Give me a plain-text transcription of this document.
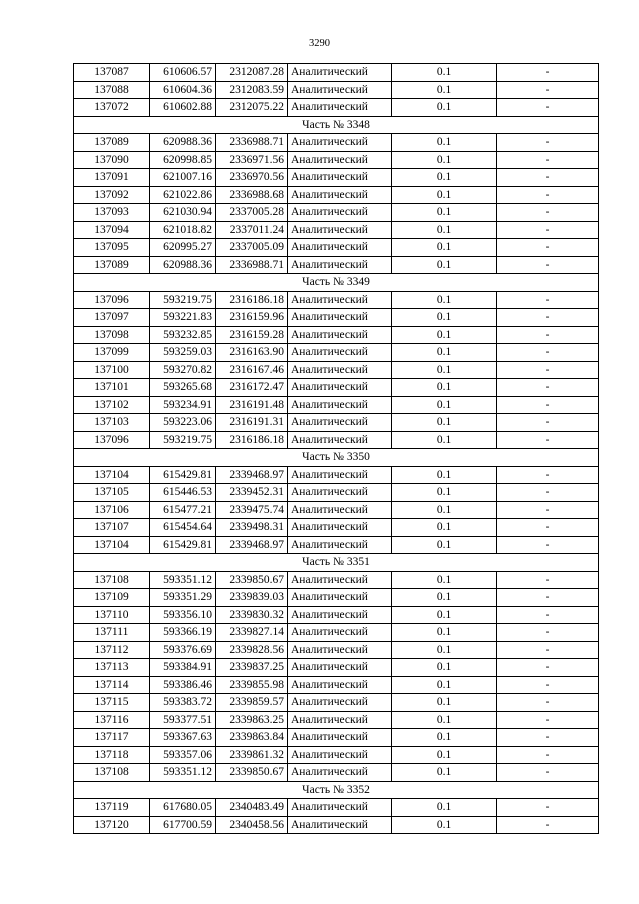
3290
137087	610606.57	2312087.28	Аналитический	0.1	-
137088	610604.36	2312083.59	Аналитический	0.1	-
137072	610602.88	2312075.22	Аналитический	0.1	-
Часть № 3348					
137089	620988.36	2336988.71	Аналитический	0.1	-
137090	620998.85	2336971.56	Аналитический	0.1	-
137091	621007.16	2336970.56	Аналитический	0.1	-
137092	621022.86	2336988.68	Аналитический	0.1	-
137093	621030.94	2337005.28	Аналитический	0.1	-
137094	621018.82	2337011.24	Аналитический	0.1	-
137095	620995.27	2337005.09	Аналитический	0.1	-
137089	620988.36	2336988.71	Аналитический	0.1	-
Часть № 3349					
137096	593219.75	2316186.18	Аналитический	0.1	-
137097	593221.83	2316159.96	Аналитический	0.1	-
137098	593232.85	2316159.28	Аналитический	0.1	-
137099	593259.03	2316163.90	Аналитический	0.1	-
137100	593270.82	2316167.46	Аналитический	0.1	-
137101	593265.68	2316172.47	Аналитический	0.1	-
137102	593234.91	2316191.48	Аналитический	0.1	-
137103	593223.06	2316191.31	Аналитический	0.1	-
137096	593219.75	2316186.18	Аналитический	0.1	-
Часть № 3350					
137104	615429.81	2339468.97	Аналитический	0.1	-
137105	615446.53	2339452.31	Аналитический	0.1	-
137106	615477.21	2339475.74	Аналитический	0.1	-
137107	615454.64	2339498.31	Аналитический	0.1	-
137104	615429.81	2339468.97	Аналитический	0.1	-
Часть № 3351					
137108	593351.12	2339850.67	Аналитический	0.1	-
137109	593351.29	2339839.03	Аналитический	0.1	-
137110	593356.10	2339830.32	Аналитический	0.1	-
137111	593366.19	2339827.14	Аналитический	0.1	-
137112	593376.69	2339828.56	Аналитический	0.1	-
137113	593384.91	2339837.25	Аналитический	0.1	-
137114	593386.46	2339855.98	Аналитический	0.1	-
137115	593383.72	2339859.57	Аналитический	0.1	-
137116	593377.51	2339863.25	Аналитический	0.1	-
137117	593367.63	2339863.84	Аналитический	0.1	-
137118	593357.06	2339861.32	Аналитический	0.1	-
137108	593351.12	2339850.67	Аналитический	0.1	-
Часть № 3352					
137119	617680.05	2340483.49	Аналитический	0.1	-
137120	617700.59	2340458.56	Аналитический	0.1	-
